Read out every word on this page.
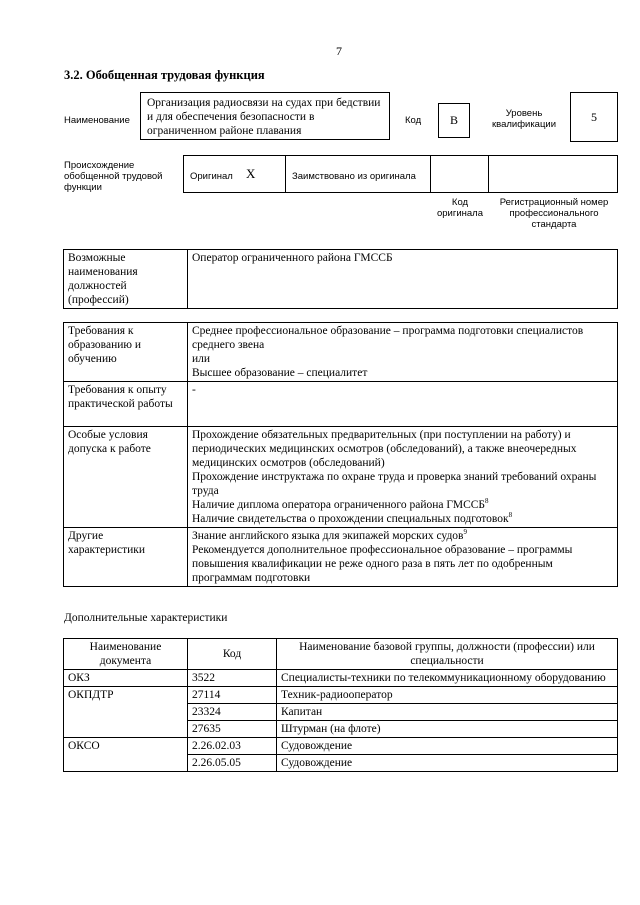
7
3.2. Обобщенная трудовая функция
Наименование
Организация радиосвязи на судах при бедствии и для обеспечения безопасности в ограниченном районе плавания
Код	B	Уровень квалификации
5
Происхождение обобщенной трудовой функции
Оригинал X	Заимствовано из оригинала
Код оригинала
Регистрационный номер профессионального стандарта
Возможные наименования должностей (профессий)	Оператор ограниченного района ГМССБ
Требования к образованию и обучению	Среднее профессиональное образование – программа подготовки специалистов среднего звена
или
Высшее образование – специалитет

Требования к опыту практической работы	-
Особые условия допуска к работе	Прохождение обязательных предварительных (при поступлении на работу) и периодических медицинских осмотров (обследований), а также внеочередных медицинских осмотров (обследований)
Прохождение инструктажа по охране труда и проверка знаний требований охраны труда
Наличие диплома оператора ограниченного района ГМССБ$^8$
Наличие свидетельства о прохождении специальных подготовок$^8$

Другие характеристики	Знание английского языка для экипажей морских судов$^9$
Рекомендуется дополнительное профессиональное образование – программы повышения квалификации не реже одного раза в пять лет по одобренным программам подготовки
Дополнительные характеристики
Наименование документа	Код	Наименование базовой группы, должности (профессии) или специальности
ОКЗ	3522	Специалисты-техники по телекоммуникационному оборудованию
ОКПДТР	27114	Техник-радиооператор
	23324	Капитан
	27635	Штурман (на флоте)
ОКСО	2.26.02.03	Судовождение
	2.26.05.05	Судовождение
